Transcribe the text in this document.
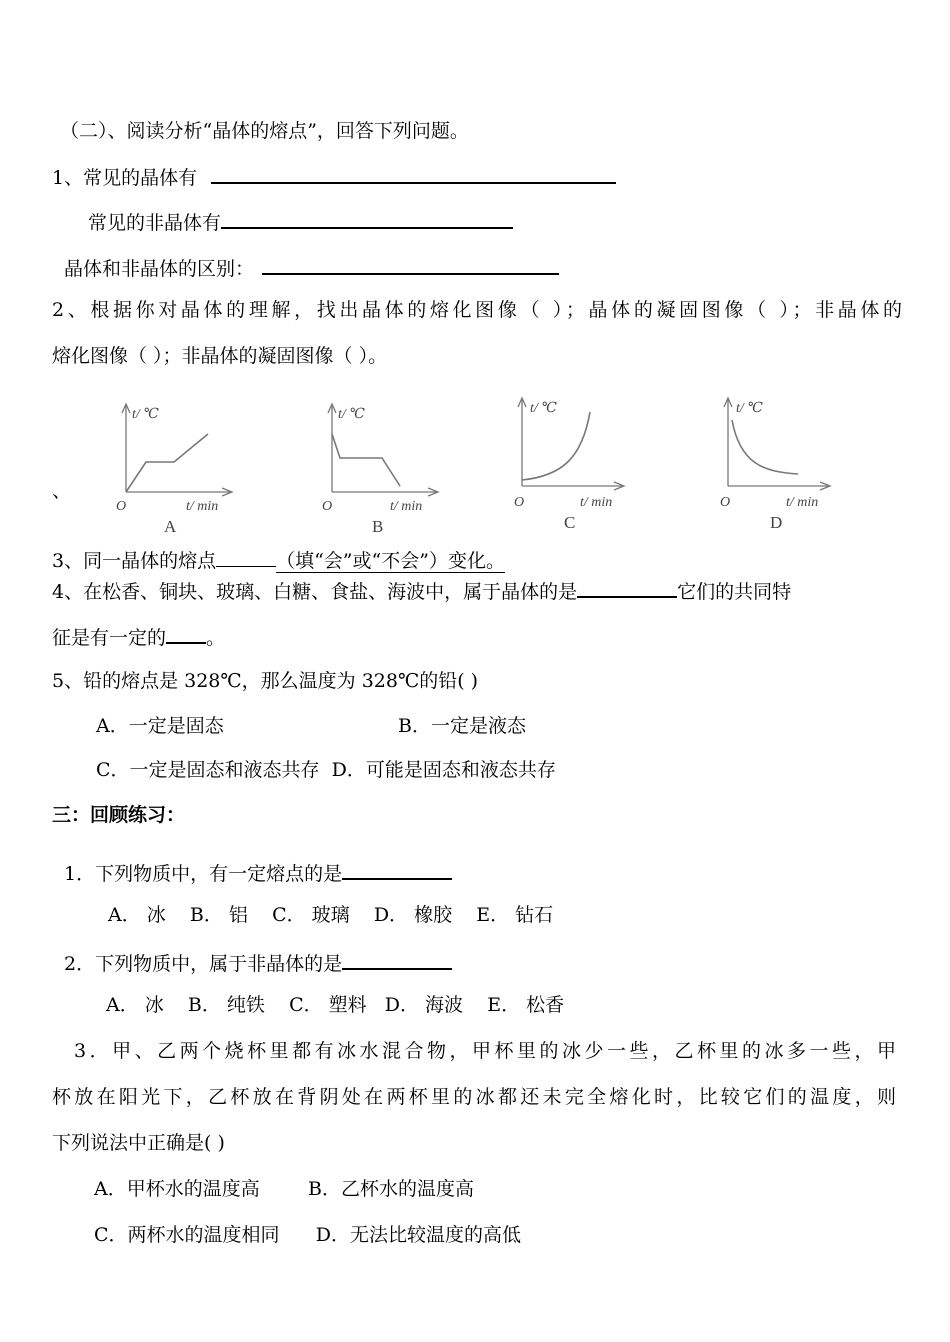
（二）、阅读分析“晶体的熔点”，回答下列问题。
1、常见的晶体有
常见的非晶体有
晶体和非晶体的区别：
2、根据你对晶体的理解，找出晶体的熔化图像（ ）；晶体的凝固图像（ ）；非晶体的
熔化图像（ ）；非晶体的凝固图像（ ）。
、
t/ ℃
t/ min
O
A
t/ ℃
t/ min
O
B
t/ ℃
t/ min
O
C
t/ ℃
t/ min
O
D
3、同一晶体的熔点	（填“会”或“不会”）变化。
4、在松香、铜块、玻璃、白糖、食盐、海波中，属于晶体的是	它们的共同特
征是有一定的 。
5、铅的熔点是 328℃，那么温度为 328℃的铅( )
A．一定是固态	B．一定是液态
C．一定是固态和液态共存  D．可能是固态和液态共存
三：回顾练习：
1．下列物质中，有一定熔点的是
A． 冰    B． 铝    C． 玻璃    D． 橡胶    E． 钻石
2．下列物质中，属于非晶体的是
A． 冰    B． 纯铁    C． 塑料   D． 海波    E． 松香
3．甲、乙两个烧杯里都有冰水混合物，甲杯里的冰少一些，乙杯里的冰多一些，甲
杯放在阳光下，乙杯放在背阴处在两杯里的冰都还未完全熔化时，比较它们的温度，则
下列说法中正确是( )
A．甲杯水的温度高        B．乙杯水的温度高
C．两杯水的温度相同      D．无法比较温度的高低
